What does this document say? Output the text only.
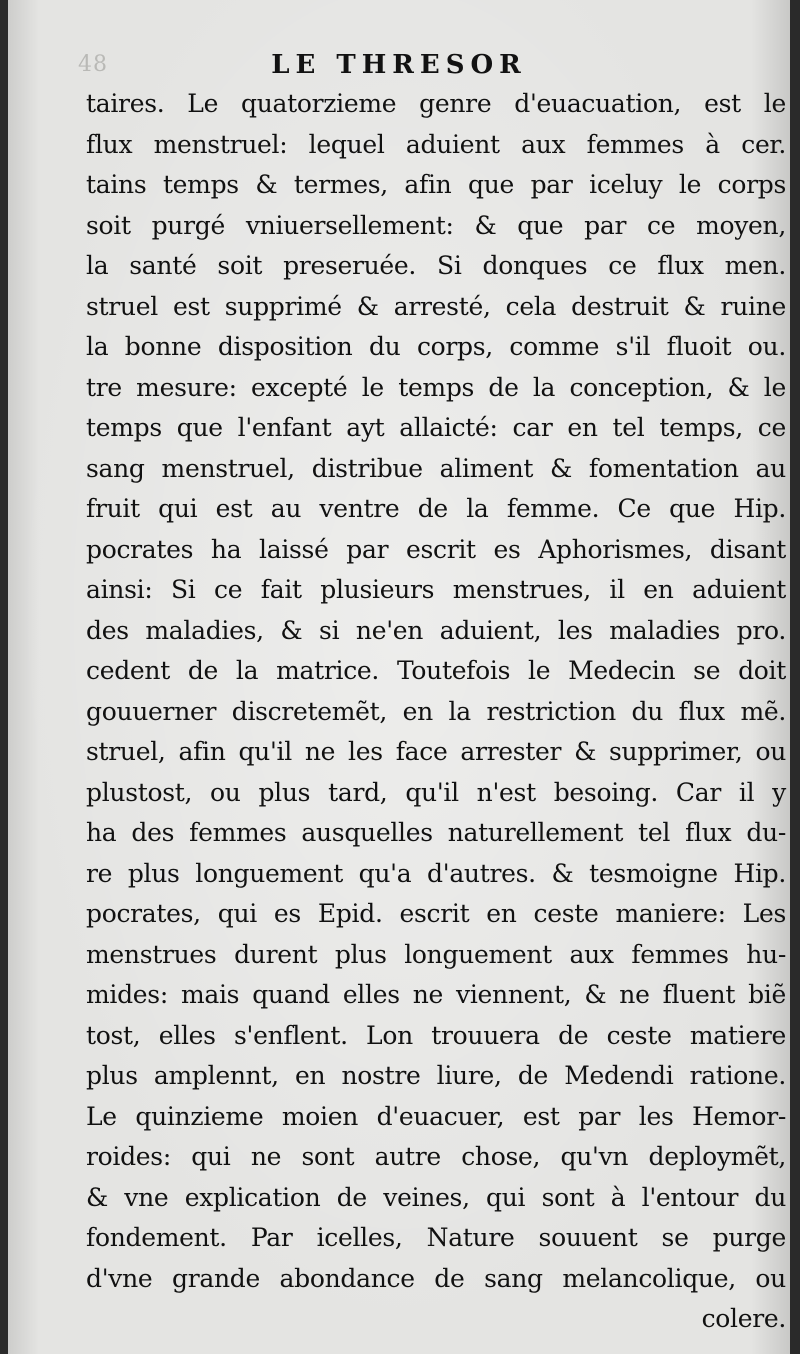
48	LE THRESOR
taires. Le quatorzieme genre d'euacuation, est le
flux menstruel: lequel aduient aux femmes à cer.
tains temps & termes, afin que par iceluy le corps
soit purgé vniuersellement: & que par ce moyen,
la santé soit preseruée. Si donques ce flux men.
struel est supprimé & arresté, cela destruit & ruine
la bonne disposition du corps, comme s'il fluoit ou.
tre mesure: excepté le temps de la conception, & le
temps que l'enfant ayt allaicté: car en tel temps, ce
sang menstruel, distribue aliment & fomentation au
fruit qui est au ventre de la femme. Ce que Hip.
pocrates ha laissé par escrit es Aphorismes, disant
ainsi: Si ce fait plusieurs menstrues, il en aduient
des maladies, & si ne'en aduient, les maladies pro.
cedent de la matrice. Toutefois le Medecin se doit
gouuerner discretemẽt, en la restriction du flux mẽ.
struel, afin qu'il ne les face arrester & supprimer, ou
plustost, ou plus tard, qu'il n'est besoing. Car il y
ha des femmes ausquelles naturellement tel flux du-
re plus longuement qu'a d'autres. & tesmoigne Hip.
pocrates, qui es Epid. escrit en ceste maniere: Les
menstrues durent plus longuement aux femmes hu-
mides: mais quand elles ne viennent, & ne fluent biẽ
tost, elles s'enflent. Lon trouuera de ceste matiere
plus amplennt, en nostre liure, de Medendi ratione.
Le quinzieme moien d'euacuer, est par les Hemor-
roides: qui ne sont autre chose, qu'vn deploymẽt,
& vne explication de veines, qui sont à l'entour du
fondement. Par icelles, Nature souuent se purge
d'vne grande abondance de sang melancolique, ou
colere.
